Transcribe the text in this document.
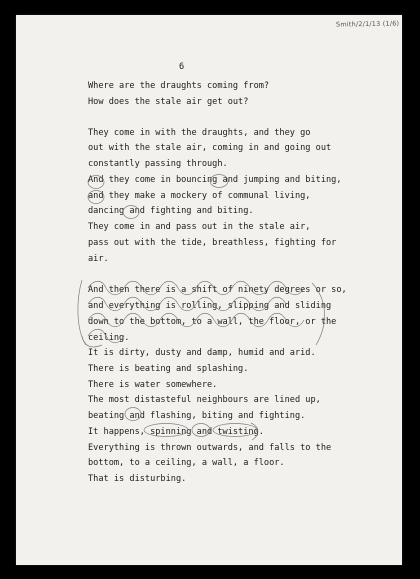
Smith/2/1/13 (1/6)
6
Where are the draughts coming from?
How does the stale air get out?
They come in with the draughts, and they go
out with the stale air, coming in and going out
constantly passing through.
And they come in bouncing and jumping and biting,
and they make a mockery of communal living,
dancing and fighting and biting.
They come in and pass out in the stale air,
pass out with the tide, breathless, fighting for
air.
And then there is a shift of ninety degrees or so,
and everything is rolling, slipping and sliding
down to the bottom, to a wall, the floor, or the
ceiling.
It is dirty, dusty and damp, humid and arid.
There is beating and splashing.
There is water somewhere.
The most distasteful neighbours are lined up,
beating and flashing, biting and fighting.
It happens, spinning and twisting.
Everything is thrown outwards, and falls to the
bottom, to a ceiling, a wall, a floor.
That is disturbing.
